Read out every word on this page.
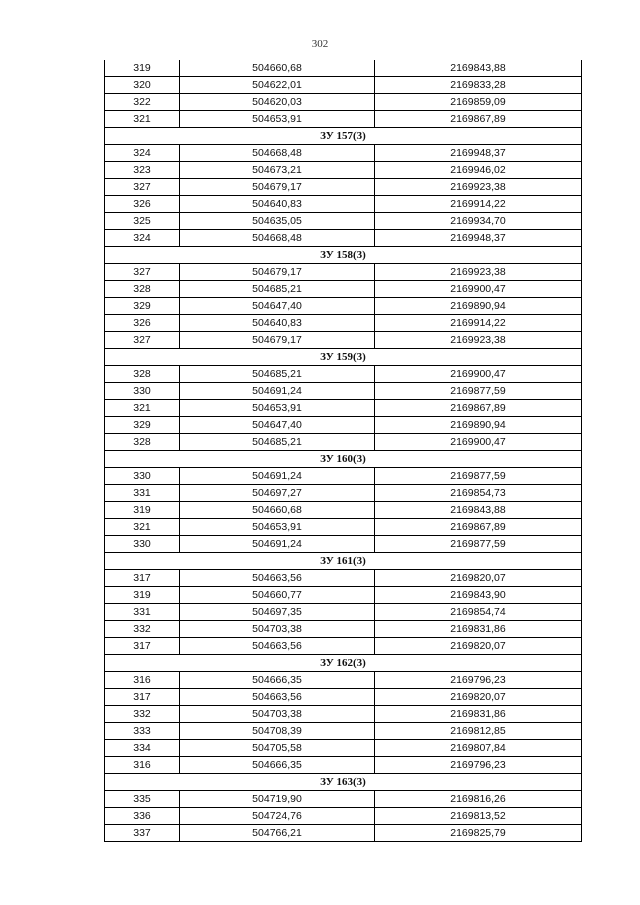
302
319	504660,68	2169843,88
320	504622,01	2169833,28
322	504620,03	2169859,09
321	504653,91	2169867,89
ЗУ 157(3)		
324	504668,48	2169948,37
323	504673,21	2169946,02
327	504679,17	2169923,38
326	504640,83	2169914,22
325	504635,05	2169934,70
324	504668,48	2169948,37
ЗУ 158(3)		
327	504679,17	2169923,38
328	504685,21	2169900,47
329	504647,40	2169890,94
326	504640,83	2169914,22
327	504679,17	2169923,38
ЗУ 159(3)		
328	504685,21	2169900,47
330	504691,24	2169877,59
321	504653,91	2169867,89
329	504647,40	2169890,94
328	504685,21	2169900,47
ЗУ 160(3)		
330	504691,24	2169877,59
331	504697,27	2169854,73
319	504660,68	2169843,88
321	504653,91	2169867,89
330	504691,24	2169877,59
ЗУ 161(3)		
317	504663,56	2169820,07
319	504660,77	2169843,90
331	504697,35	2169854,74
332	504703,38	2169831,86
317	504663,56	2169820,07
ЗУ 162(3)		
316	504666,35	2169796,23
317	504663,56	2169820,07
332	504703,38	2169831,86
333	504708,39	2169812,85
334	504705,58	2169807,84
316	504666,35	2169796,23
ЗУ 163(3)		
335	504719,90	2169816,26
336	504724,76	2169813,52
337	504766,21	2169825,79
